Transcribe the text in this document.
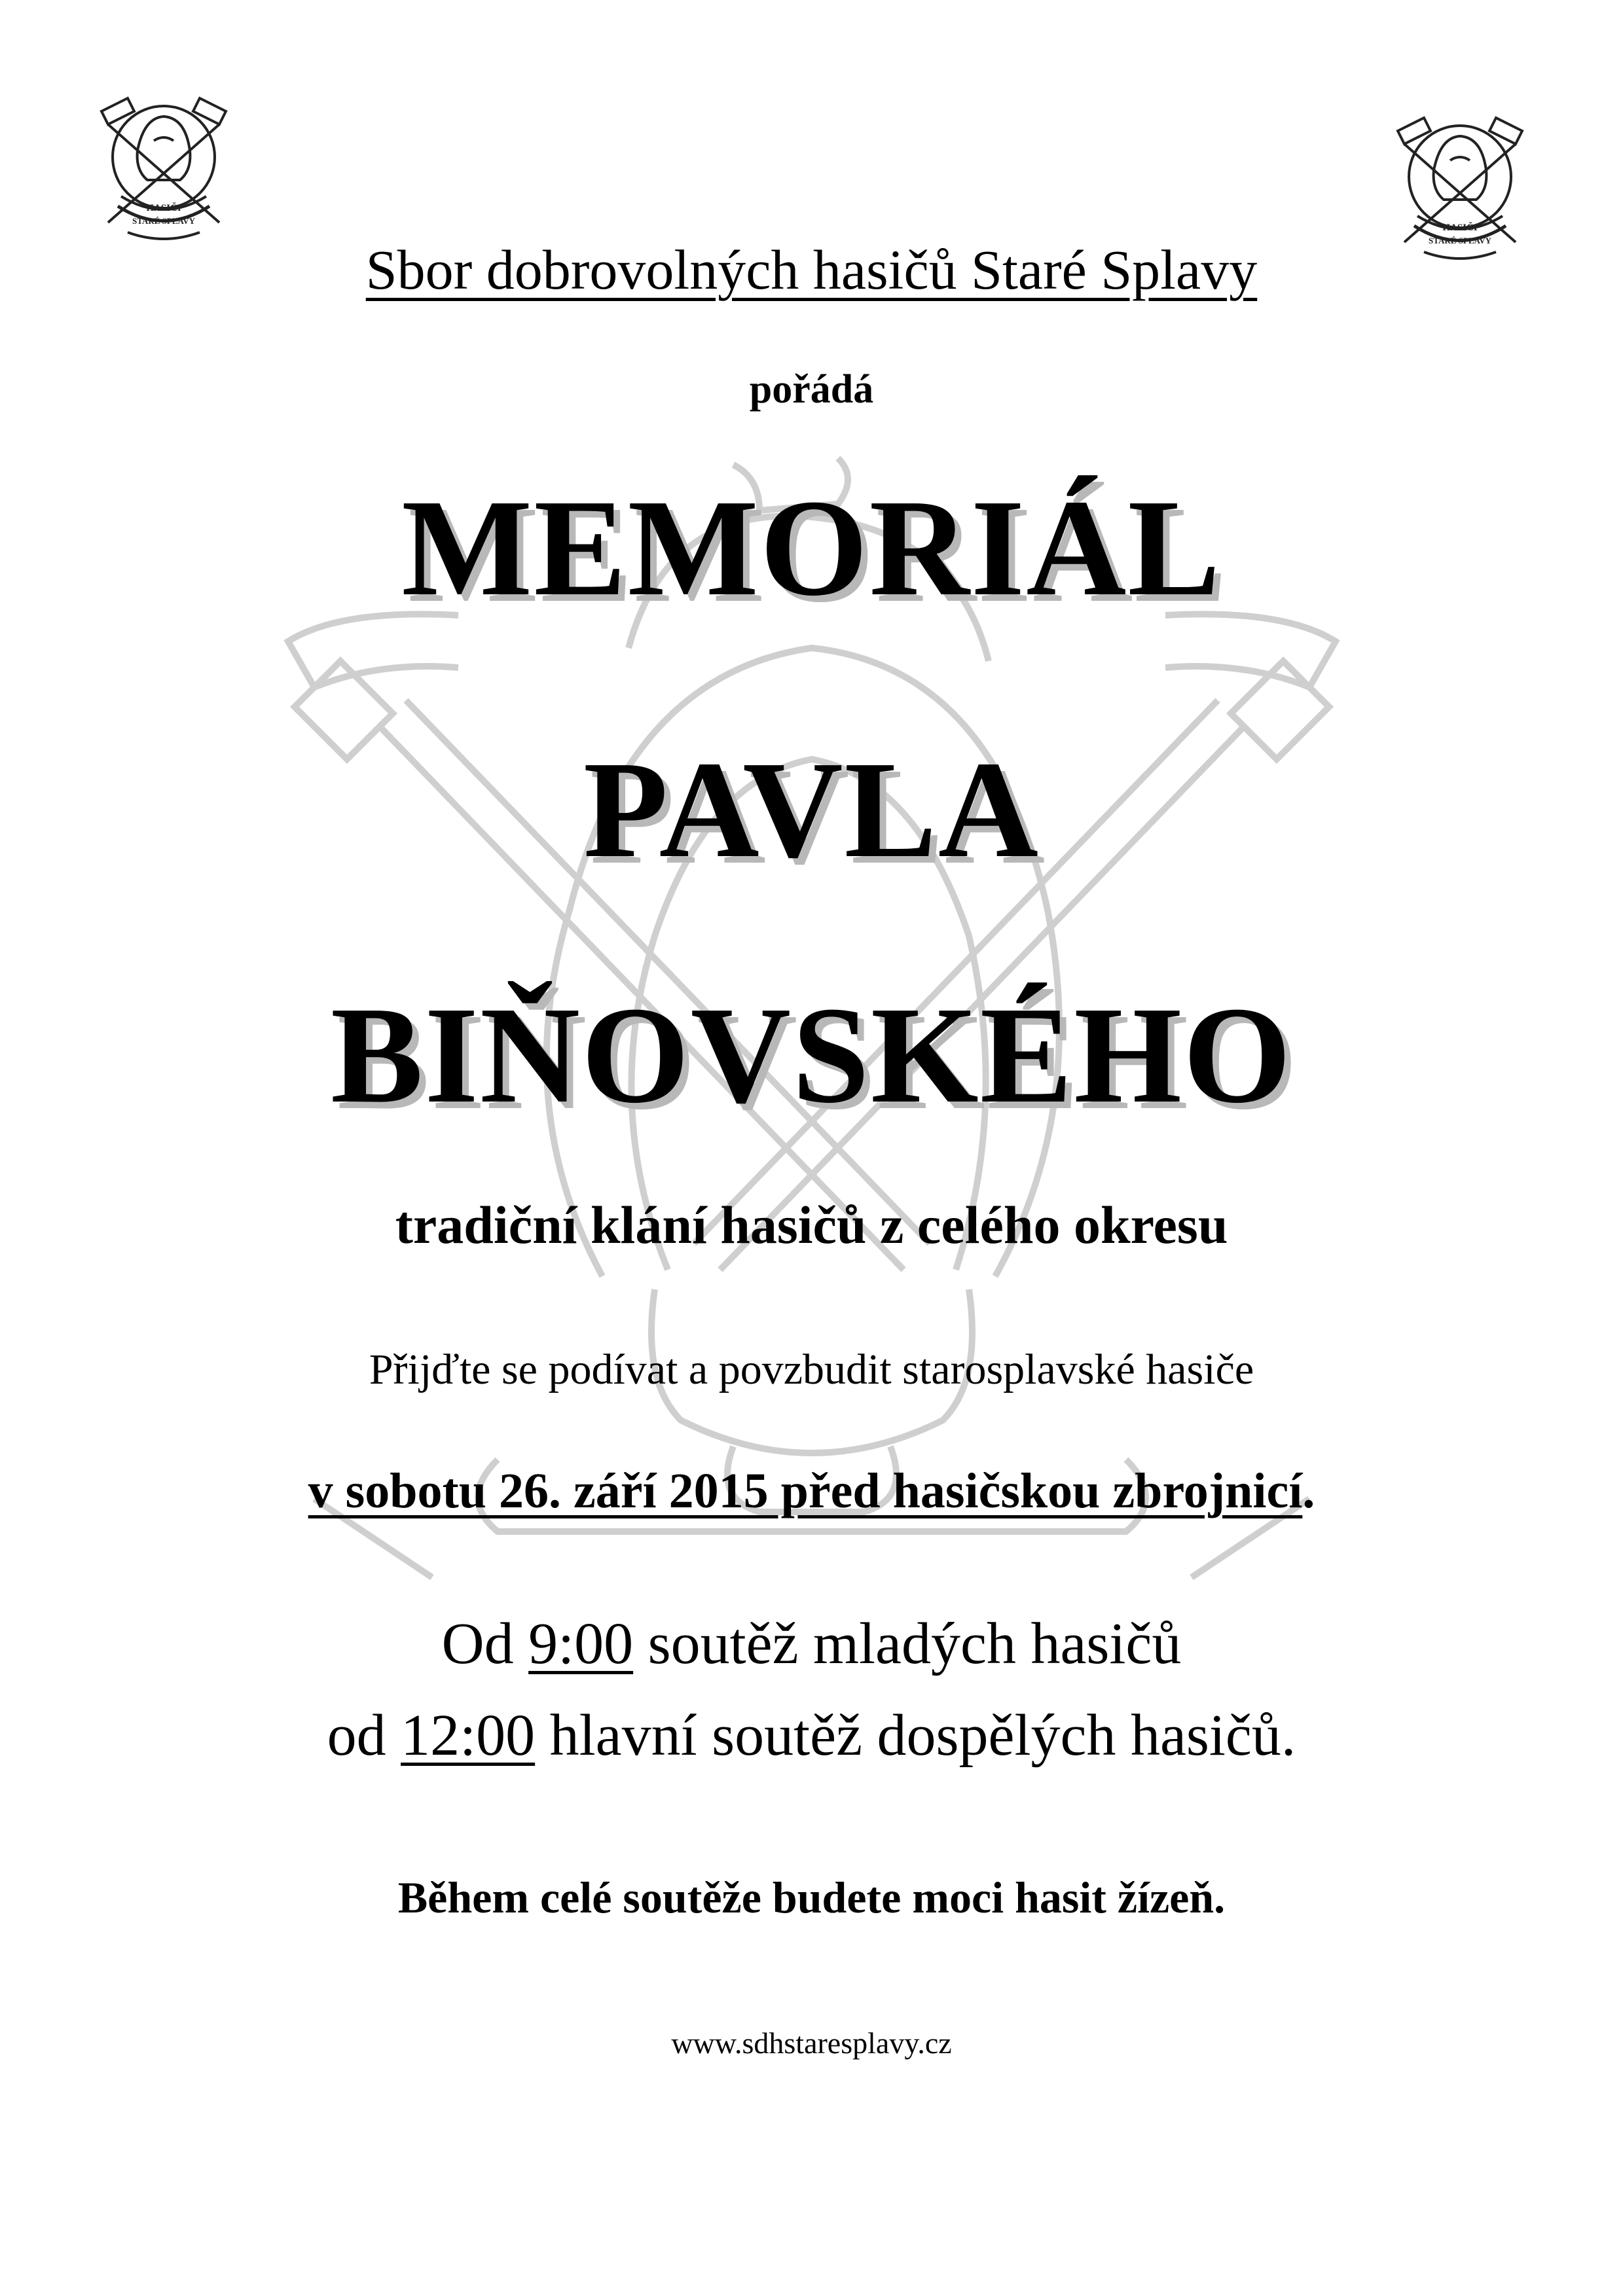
HASIČI
STARÉ SPLAVY
HASIČI
STARÉ SPLAVY
Sbor dobrovolných hasičů Staré Splavy
pořádá
MEMORIÁL
PAVLA
BIŇOVSKÉHO
tradiční klání hasičů z celého okresu
Přijďte se podívat a povzbudit starosplavské hasiče
v sobotu 26. září 2015 před hasičskou zbrojnicí.
Od 9:00 soutěž mladých hasičů
od 12:00 hlavní soutěž dospělých hasičů.
Během celé soutěže budete moci hasit žízeň.
www.sdhstaresplavy.cz
